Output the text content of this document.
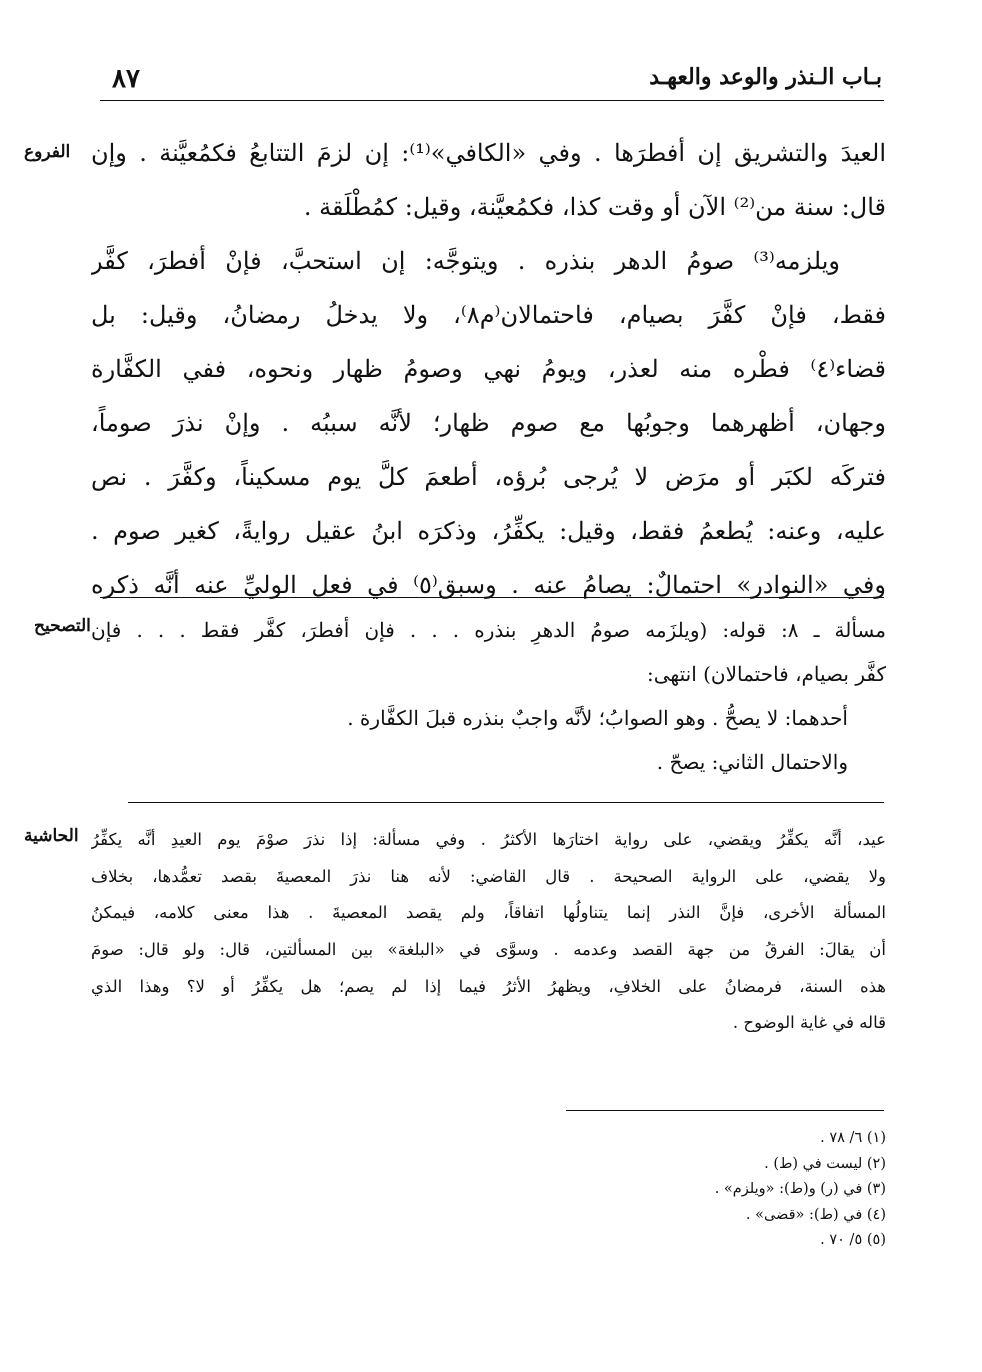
بـاب الـنذر والوعد والعهـد
٨٧
الفروع العيدَ والتشريق إن أفطرَها . وفي «الكافي»⁽¹⁾: إن لزمَ التتابعُ فكمُعيَّنة . وإن
قال: سنة من⁽²⁾ الآن أو وقت كذا، فكمُعيَّنة، وقيل: كمُطْلَقة .
ويلزمه⁽³⁾ صومُ الدهر بنذره . ويتوجَّه: إن استحبَّ، فإنْ أفطرَ، كفَّر
فقط، فإنْ كفَّرَ بصيام، فاحتمالان⁽م٨⁾، ولا يدخلُ رمضانُ، وقيل: بل
قضاء⁽٤⁾ فطْره منه لعذر، ويومُ نهي وصومُ ظهار ونحوه، ففي الكفَّارة
وجهان، أظهرهما وجوبُها مع صوم ظهار؛ لأنَّه سببُه . وإنْ نذرَ صوماً،
فتركَه لكبَر أو مرَض لا يُرجى بُرؤه، أطعمَ كلَّ يوم مسكيناً، وكفَّرَ . نص
عليه، وعنه: يُطعمُ فقط، وقيل: يكفِّرُ، وذكرَه ابنُ عقيل روايةً، كغير صوم .
وفي «النوادر» احتمالٌ: يصامُ عنه . وسبق⁽٥⁾ في فعل الوليِّ عنه أنَّه ذكره
التصحيح مسألة ـ ٨: قوله: (ويلزَمه صومُ الدهرِ بنذره . . . فإن أفطرَ، كفَّر فقط . . . فإن
كفَّر بصيام، فاحتمالان) انتهى:
أحدهما: لا يصحُّ . وهو الصوابُ؛ لأنَّه واجبٌ بنذره قبلَ الكفَّارة .
والاحتمال الثاني: يصحّ .
الحاشية عيد، أنَّه يكفِّرُ ويقضي، على رواية اختارَها الأكثرُ . وفي مسألة: إذا نذرَ صوْمَ يوم العيدِ أنَّه يكفِّرُ
ولا يقضي، على الرواية الصحيحة . قال القاضي: لأنه هنا نذرَ المعصيةَ بقصد تعمُّدها، بخلاف
المسألة الأخرى، فإنَّ النذر إنما يتناولُها اتفاقاً، ولم يقصد المعصيةَ . هذا معنى كلامه، فيمكنُ
أن يقالَ: الفرقُ من جهة القصد وعدمه . وسوَّى في «البلغة» بين المسألتين، قال: ولو قال: صومَ
هذه السنة، فرمضانُ على الخلافِ، ويظهرُ الأثرُ فيما إذا لم يصم؛ هل يكفِّرُ أو لا؟ وهذا الذي
قاله في غاية الوضوح .
(١) ٦/ ٧٨ .
(٢) ليست في (ط) .
(٣) في (ر) و(ط): «ويلزم» .
(٤) في (ط): «قضى» .
(٥) ٥/ ٧٠ .
